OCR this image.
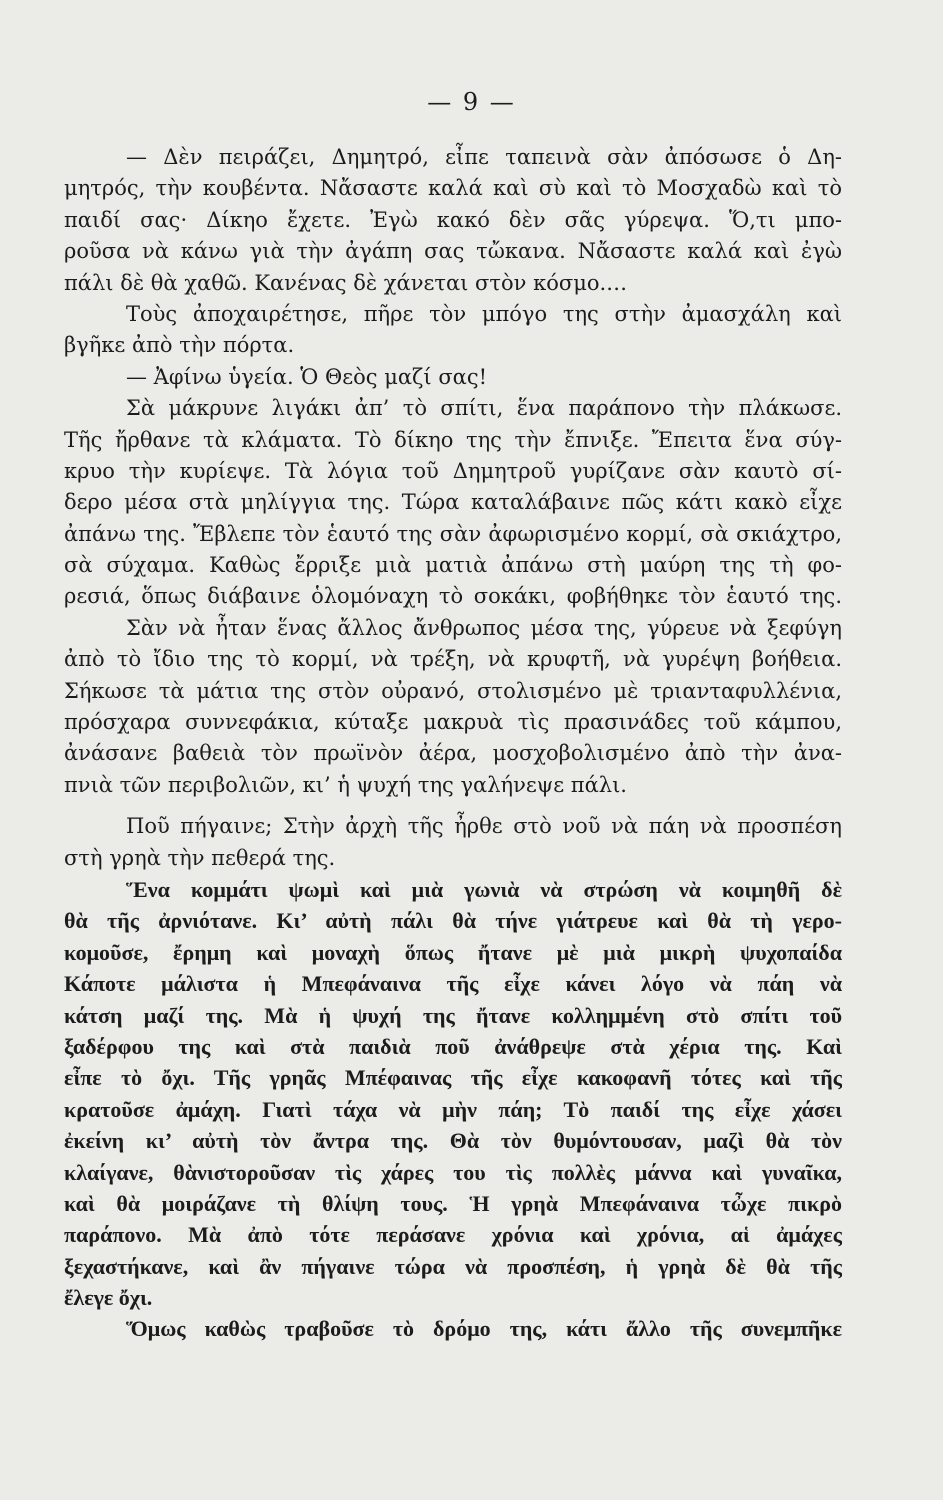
— 9 —
— Δὲν πειράζει, Δημητρό, εἶπε ταπεινὰ σὰν ἀπόσωσε ὁ Δη-
μητρός, τὴν κουβέντα. Νἄσαστε καλά καὶ σὺ καὶ τὸ Μοσχαδὼ καὶ τὸ
παιδί σας· Δίκηο ἔχετε. Ἐγὼ κακό δὲν σᾶς γύρεψα. Ὅ,τι μπο-
ροῦσα νὰ κάνω γιὰ τὴν ἀγάπη σας τὤκανα. Νἄσαστε καλά καὶ ἐγὼ
πάλι δὲ θὰ χαθῶ. Κανένας δὲ χάνεται στὸν κόσμο.…
Τοὺς ἀποχαιρέτησε, πῆρε τὸν μπόγο της στὴν ἀμασχάλη καὶ
βγῆκε ἀπὸ τὴν πόρτα.
— Ἀφίνω ὑγεία. Ὁ Θεὸς μαζί σας!
Σὰ μάκρυνε λιγάκι ἀπ’ τὸ σπίτι, ἕνα παράπονο τὴν πλάκωσε.
Τῆς ἤρθανε τὰ κλάματα. Τὸ δίκηο της τὴν ἔπνιξε. Ἔπειτα ἕνα σύγ-
κρυο τὴν κυρίεψε. Τὰ λόγια τοῦ Δημητροῦ γυρίζανε σὰν καυτὸ σί-
δερο μέσα στὰ μηλίγγια της. Τώρα καταλάβαινε πῶς κάτι κακὸ εἶχε
ἀπάνω της. Ἔβλεπε τὸν ἑαυτό της σὰν ἀφωρισμένο κορμί, σὰ σκιάχτρο,
σὰ σύχαμα. Καθὼς ἔρριξε μιὰ ματιὰ ἀπάνω στὴ μαύρη της τὴ φο-
ρεσιά, ὅπως διάβαινε ὁλομόναχη τὸ σοκάκι, φοβήθηκε τὸν ἑαυτό της.
Σὰν νὰ ἦταν ἕνας ἄλλος ἄνθρωπος μέσα της, γύρευε νὰ ξεφύγη
ἀπὸ τὸ ἴδιο της τὸ κορμί, νὰ τρέξη, νὰ κρυφτῆ, νὰ γυρέψη βοήθεια.
Σήκωσε τὰ μάτια της στὸν οὐρανό, στολισμένο μὲ τριανταφυλλένια,
πρόσχαρα συννεφάκια, κύταξε μακρυὰ τὶς πρασινάδες τοῦ κάμπου,
ἀνάσανε βαθειὰ τὸν πρωϊνὸν ἀέρα, μοσχοβολισμένο ἀπὸ τὴν ἀνα-
πνιὰ τῶν περιβολιῶν, κι’ ἡ ψυχή της γαλήνεψε πάλι.
Ποῦ πήγαινε; Στὴν ἀρχὴ τῆς ἦρθε στὸ νοῦ νὰ πάη νὰ προσπέση
στὴ γρηὰ τὴν πεθερά της.
Ἕνα κομμάτι ψωμὶ καὶ μιὰ γωνιὰ νὰ στρώση νὰ κοιμηθῆ δὲ
θὰ τῆς ἀρνιότανε. Κι’ αὐτὴ πάλι θὰ τήνε γιάτρευε καὶ θὰ τὴ γερο-
κομοῦσε, ἔρημη καὶ μοναχὴ ὅπως ἤτανε μὲ μιὰ μικρὴ ψυχοπαίδα
Κάποτε μάλιστα ἡ Μπεφάναινα τῆς εἶχε κάνει λόγο νὰ πάη νὰ
κάτση μαζί της. Μὰ ἡ ψυχή της ἤτανε κολλημμένη στὸ σπίτι τοῦ
ξαδέρφου της καὶ στὰ παιδιὰ ποῦ ἀνάθρεψε στὰ χέρια της. Καὶ
εἶπε τὸ ὄχι. Τῆς γρηᾶς Μπέφαινας τῆς εἶχε κακοφανῆ τότες καὶ τῆς
κρατοῦσε ἀμάχη. Γιατὶ τάχα νὰ μὴν πάη; Τὸ παιδί της εἶχε χάσει
ἐκείνη κι’ αὐτὴ τὸν ἄντρα της. Θὰ τὸν θυμόντουσαν, μαζὶ θὰ τὸν
κλαίγανε, θὰνιστοροῦσαν τὶς χάρες του τὶς πολλὲς μάννα καὶ γυναῖκα,
καὶ θὰ μοιράζανε τὴ θλίψη τους. Ἡ γρηὰ Μπεφάναινα τὦχε πικρὸ
παράπονο. Μὰ ἀπὸ τότε περάσανε χρόνια καὶ χρόνια, αἱ ἀμάχες
ξεχαστήκανε, καὶ ἂν πήγαινε τώρα νὰ προσπέση, ἡ γρηὰ δὲ θὰ τῆς
ἔλεγε ὄχι.
Ὅμως καθὼς τραβοῦσε τὸ δρόμο της, κάτι ἄλλο τῆς συνεμπῆκε
